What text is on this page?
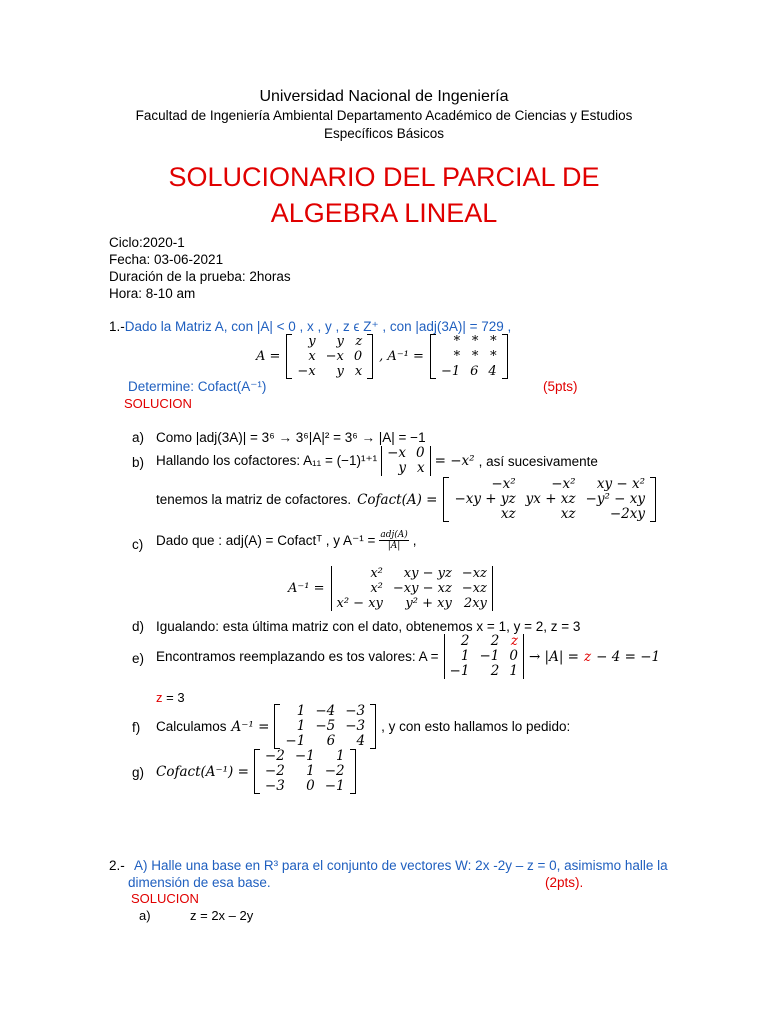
Universidad Nacional de Ingeniería
Facultad de Ingeniería Ambiental Departamento Académico de Ciencias y Estudios
Específicos Básicos
SOLUCIONARIO DEL PARCIAL DE
ALGEBRA LINEAL
Ciclo:2020-1
Fecha: 03-06-2021
Duración de la prueba: 2horas
Hora: 8-10 am
1.-Dado la Matriz A, con |A| < 0 , x , y , z ϵ Z⁺ , con |adj(3A)| = 729 ,
A =
y	y	z
x	−x	0
−x	y	x
, A⁻¹ =
*	*	*
*	*	*
−1	6	4
Determine: Cofact(A⁻¹)	(5pts)
SOLUCION
a) Como |adj(3A)| = 3⁶ → 3⁶|A|² = 3⁶ → |A| = −1
b) Hallando los cofactores: A₁₁ = (−1)¹⁺¹ −x	0
y	x = −x² , así sucesivamente
tenemos la matriz de cofactores. Cofact(A) =
−x²	−x²	xy − x²
−xy + yz	yx + xz	−y² − xy
xz	xz	−2xy
c) Dado que : adj(A) = Cofactᵀ , y A⁻¹ = adj(A)
|A| ,
A⁻¹ =
x²	xy − yz	−xz
x²	−xy − xz	−xz
x² − xy	y² + xy	2xy
d) Igualando: esta última matriz con el dato, obtenemos x = 1, y = 2, z = 3
e) Encontramos reemplazando es tos valores: A =
2	2	z
1	−1	0
−1	2	1
→ |A| = z − 4 = −1
z = 3
f) Calculamos A⁻¹ =
1	−4	−3
1	−5	−3
−1	6	4
, y con esto hallamos lo pedido:
g) Cofact(A⁻¹) =
−2	−1	1
−2	1	−2
−3	0	−1
2.- A) Halle una base en R³ para el conjunto de vectores W: 2x -2y – z = 0, asimismo halle la
dimensión de esa base.	(2pts).
SOLUCION
a)	z = 2x – 2y
